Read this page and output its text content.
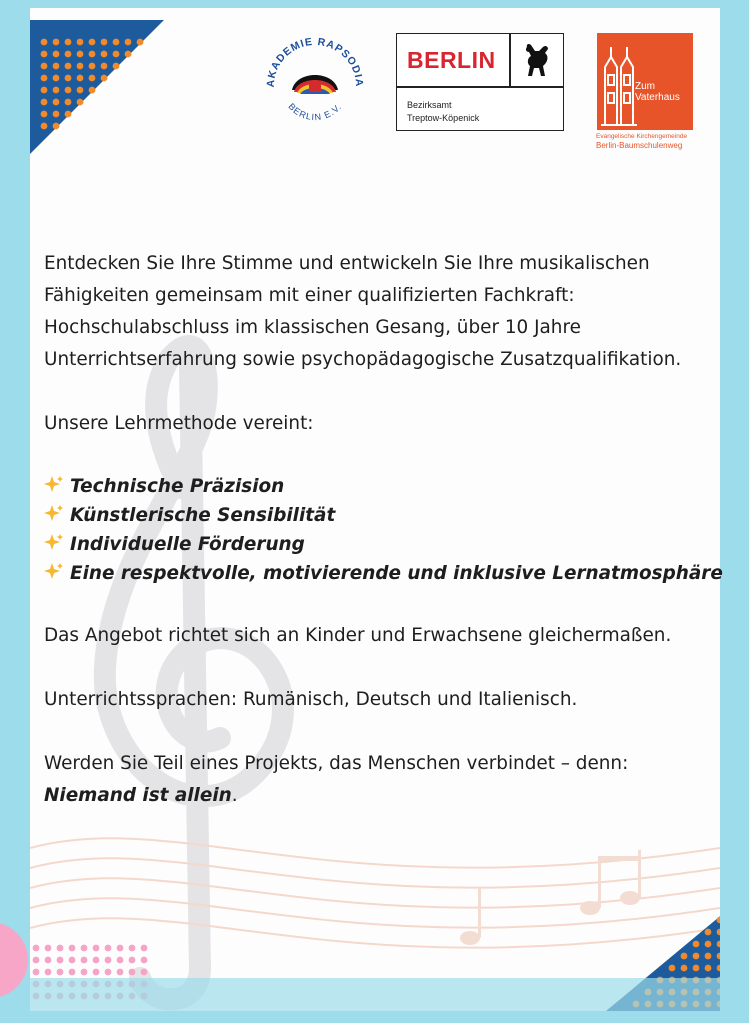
AKADEMIE RAPSODIA
BERLIN E.V.
BERLIN
Bezirksamt
Treptow-Köpenick
Zum
Vaterhaus
Evangelische Kirchengemeinde
Berlin-Baumschulenweg

Entdecken Sie Ihre Stimme und entwickeln Sie Ihre musikalischen Fähigkeiten gemeinsam mit einer qualifizierten Fachkraft: Hochschulabschluss im klassischen Gesang, über 10 Jahre Unterrichtserfahrung sowie psychopädagogische Zusatzqualifikation.

Unsere Lehrmethode vereint:

Technische Präzision
Künstlerische Sensibilität
Individuelle Förderung
Eine respektvolle, motivierende und inklusive Lernatmosphäre

Das Angebot richtet sich an Kinder und Erwachsene gleichermaßen.

Unterrichtssprachen: Rumänisch, Deutsch und Italienisch.

Werden Sie Teil eines Projekts, das Menschen verbindet – denn: Niemand ist allein.
